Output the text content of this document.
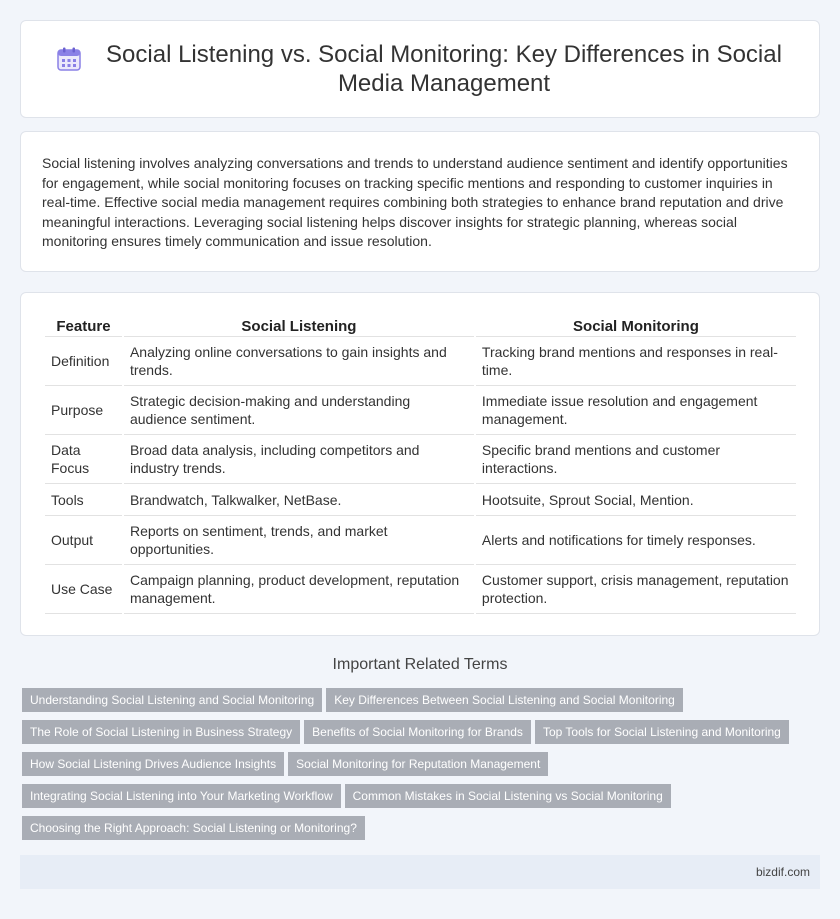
Social Listening vs. Social Monitoring: Key Differences in Social Media Management

Social listening involves analyzing conversations and trends to understand audience sentiment and identify opportunities for engagement, while social monitoring focuses on tracking specific mentions and responding to customer inquiries in real-time. Effective social media management requires combining both strategies to enhance brand reputation and drive meaningful interactions. Leveraging social listening helps discover insights for strategic planning, whereas social monitoring ensures timely communication and issue resolution.

Feature	Social Listening	Social Monitoring
Definition	Analyzing online conversations to gain insights and trends.	Tracking brand mentions and responses in real-time.
Purpose	Strategic decision-making and understanding audience sentiment.	Immediate issue resolution and engagement management.
Data Focus	Broad data analysis, including competitors and industry trends.	Specific brand mentions and customer interactions.
Tools	Brandwatch, Talkwalker, NetBase.	Hootsuite, Sprout Social, Mention.
Output	Reports on sentiment, trends, and market opportunities.	Alerts and notifications for timely responses.
Use Case	Campaign planning, product development, reputation management.	Customer support, crisis management, reputation protection.
Important Related Terms
Understanding Social Listening and Social Monitoring	Key Differences Between Social Listening and Social Monitoring
The Role of Social Listening in Business Strategy	Benefits of Social Monitoring for Brands	Top Tools for Social Listening and Monitoring
How Social Listening Drives Audience Insights	Social Monitoring for Reputation Management
Integrating Social Listening into Your Marketing Workflow	Common Mistakes in Social Listening vs Social Monitoring
Choosing the Right Approach: Social Listening or Monitoring?
bizdif.com
